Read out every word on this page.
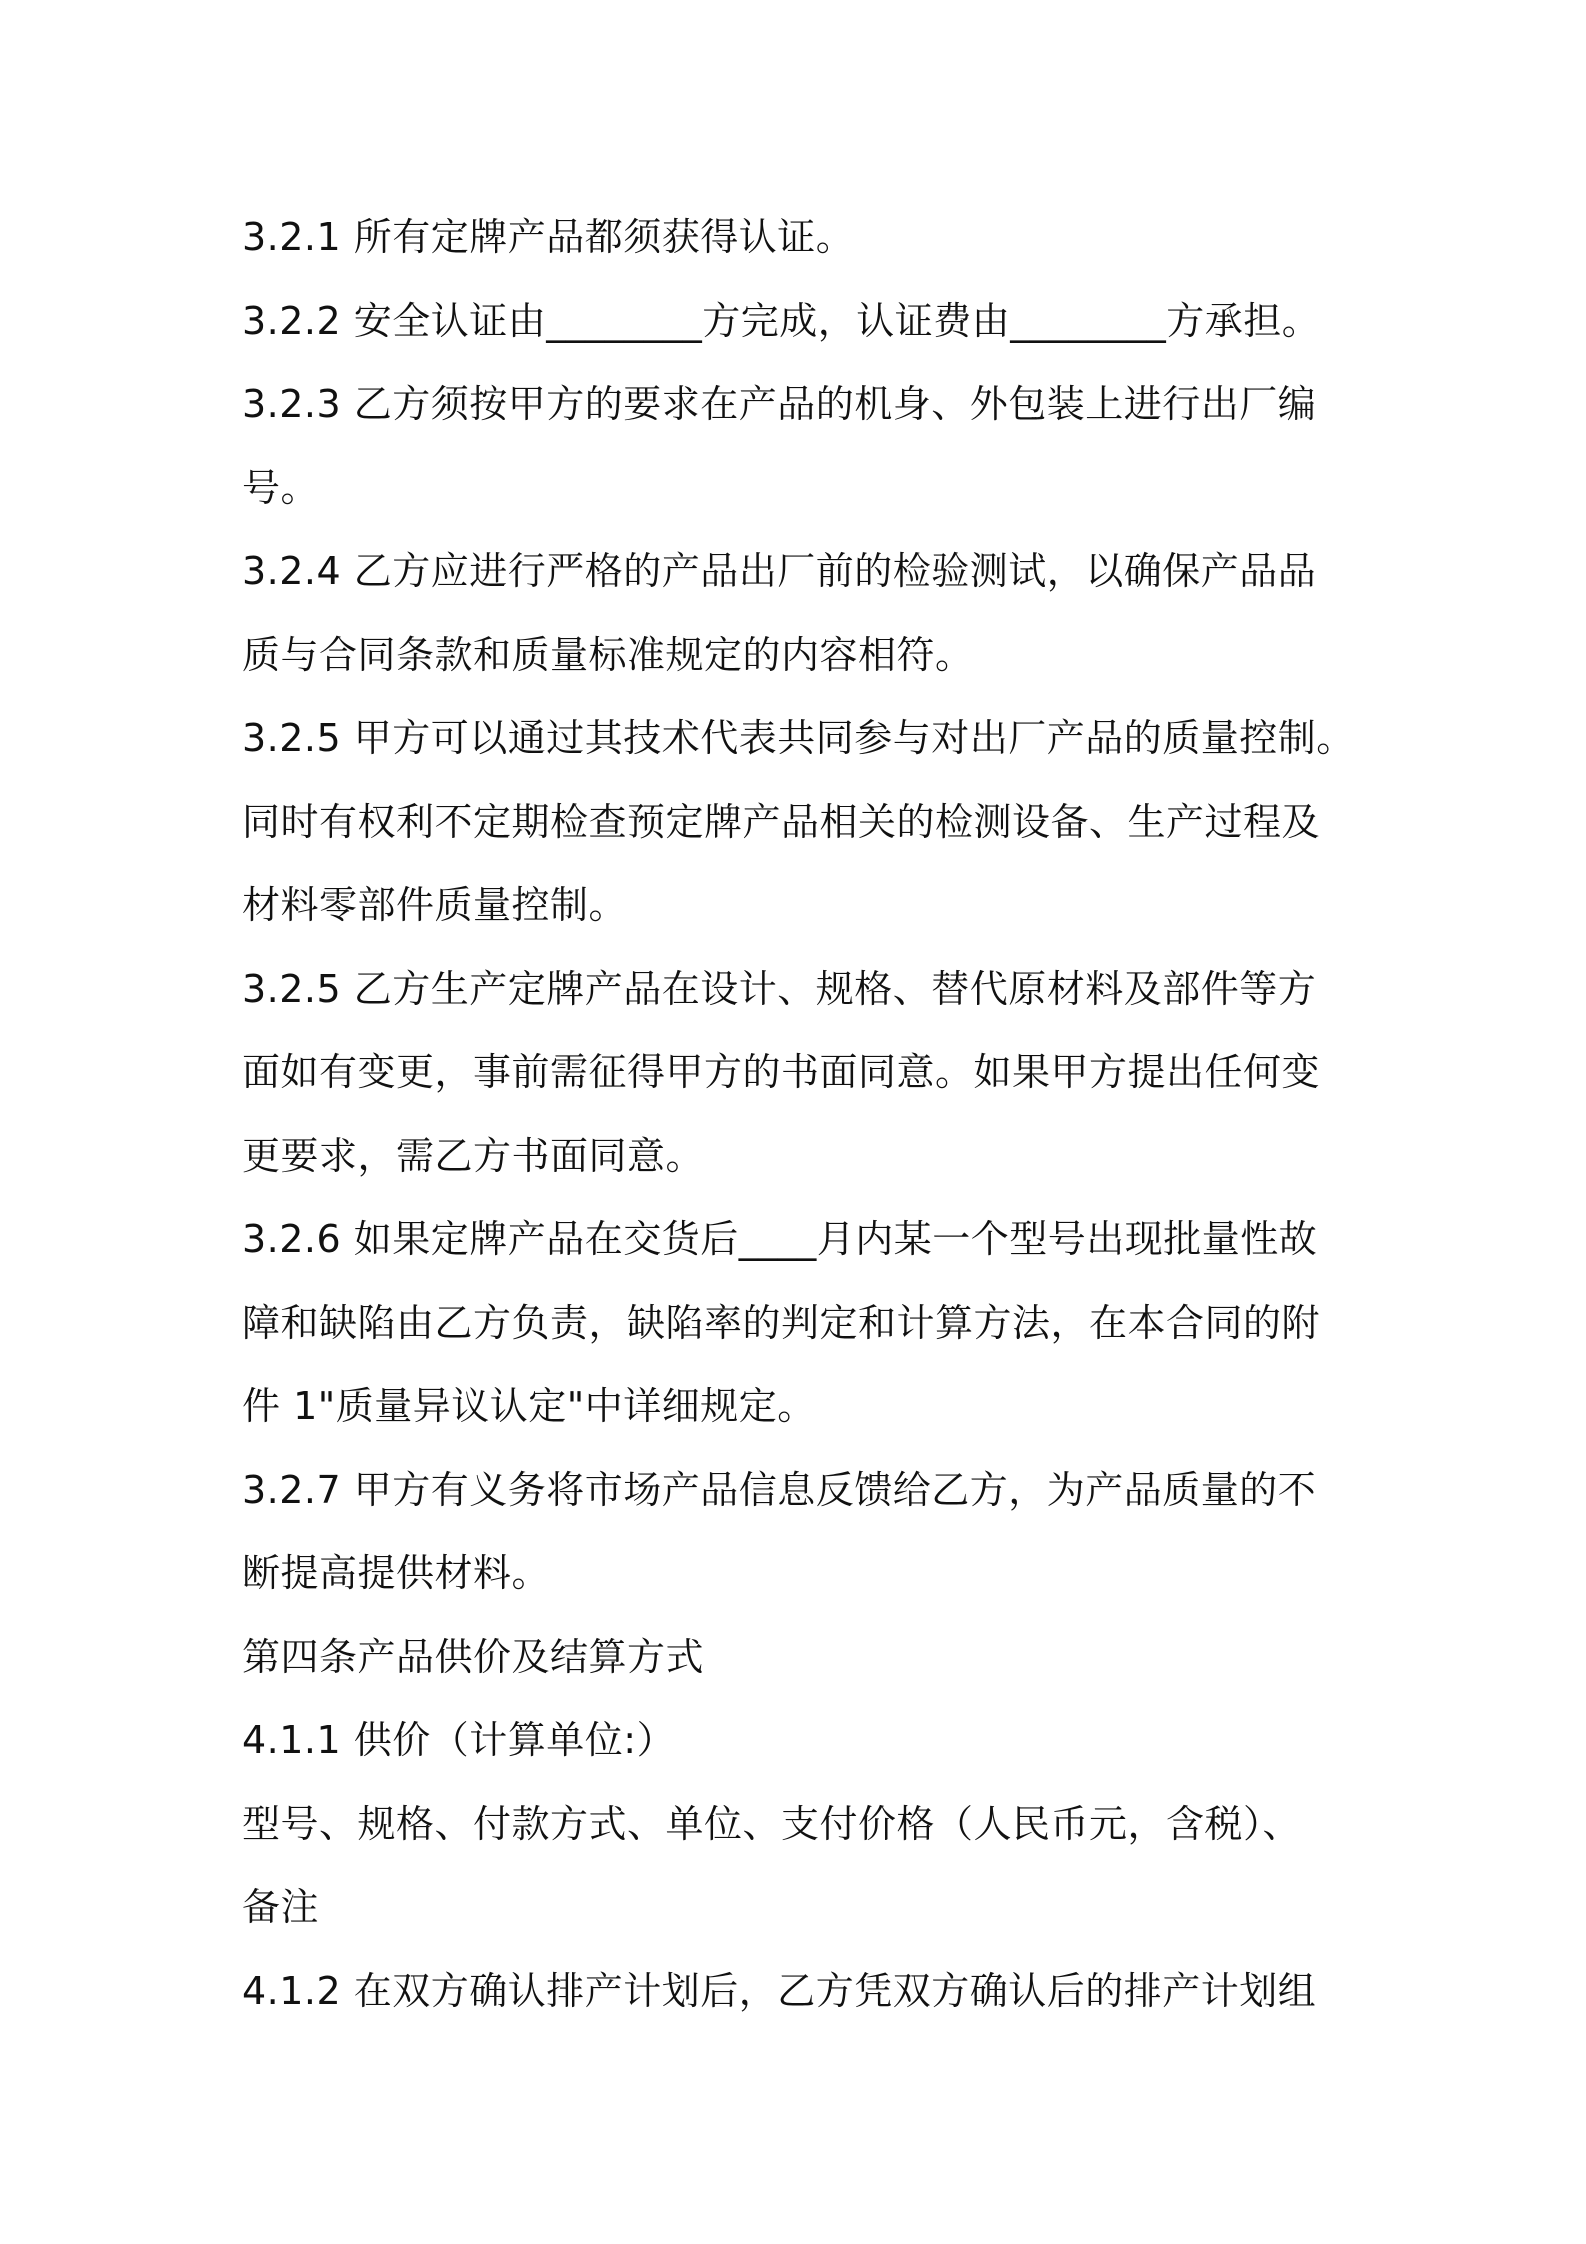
3.2.1 所有定牌产品都须获得认证。
3.2.2 安全认证由________方完成，认证费由________方承担。
3.2.3 乙方须按甲方的要求在产品的机身、外包装上进行出厂编
号。
3.2.4 乙方应进行严格的产品出厂前的检验测试，以确保产品品
质与合同条款和质量标准规定的内容相符。
3.2.5 甲方可以通过其技术代表共同参与对出厂产品的质量控制。
同时有权利不定期检查预定牌产品相关的检测设备、生产过程及
材料零部件质量控制。
3.2.5 乙方生产定牌产品在设计、规格、替代原材料及部件等方
面如有变更，事前需征得甲方的书面同意。如果甲方提出任何变
更要求，需乙方书面同意。
3.2.6 如果定牌产品在交货后____月内某一个型号出现批量性故
障和缺陷由乙方负责，缺陷率的判定和计算方法，在本合同的附
件 1"质量异议认定"中详细规定。
3.2.7 甲方有义务将市场产品信息反馈给乙方，为产品质量的不
断提高提供材料。
第四条产品供价及结算方式
4.1.1 供价（计算单位:）
型号、规格、付款方式、单位、支付价格（人民币元，含税）、
备注
4.1.2 在双方确认排产计划后，乙方凭双方确认后的排产计划组
